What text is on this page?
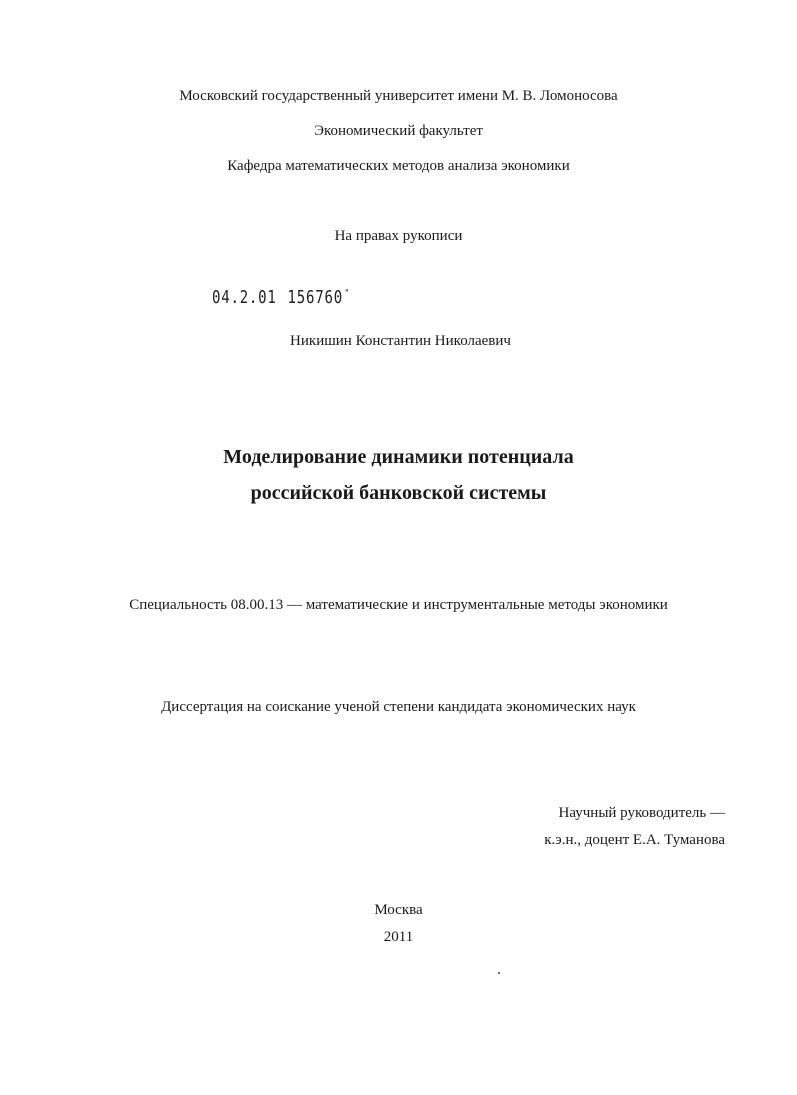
Московский государственный университет имени М. В. Ломоносова
Экономический факультет
Кафедра математических методов анализа экономики
На правах рукописи
04.2.01 156760 "
Никишин Константин Николаевич
Моделирование динамики потенциала
российской банковской системы
Специальность 08.00.13 — математические и инструментальные методы экономики
Диссертация на соискание ученой степени кандидата экономических наук
Научный руководитель —
к.э.н., доцент Е.А. Туманова
Москва
2011
